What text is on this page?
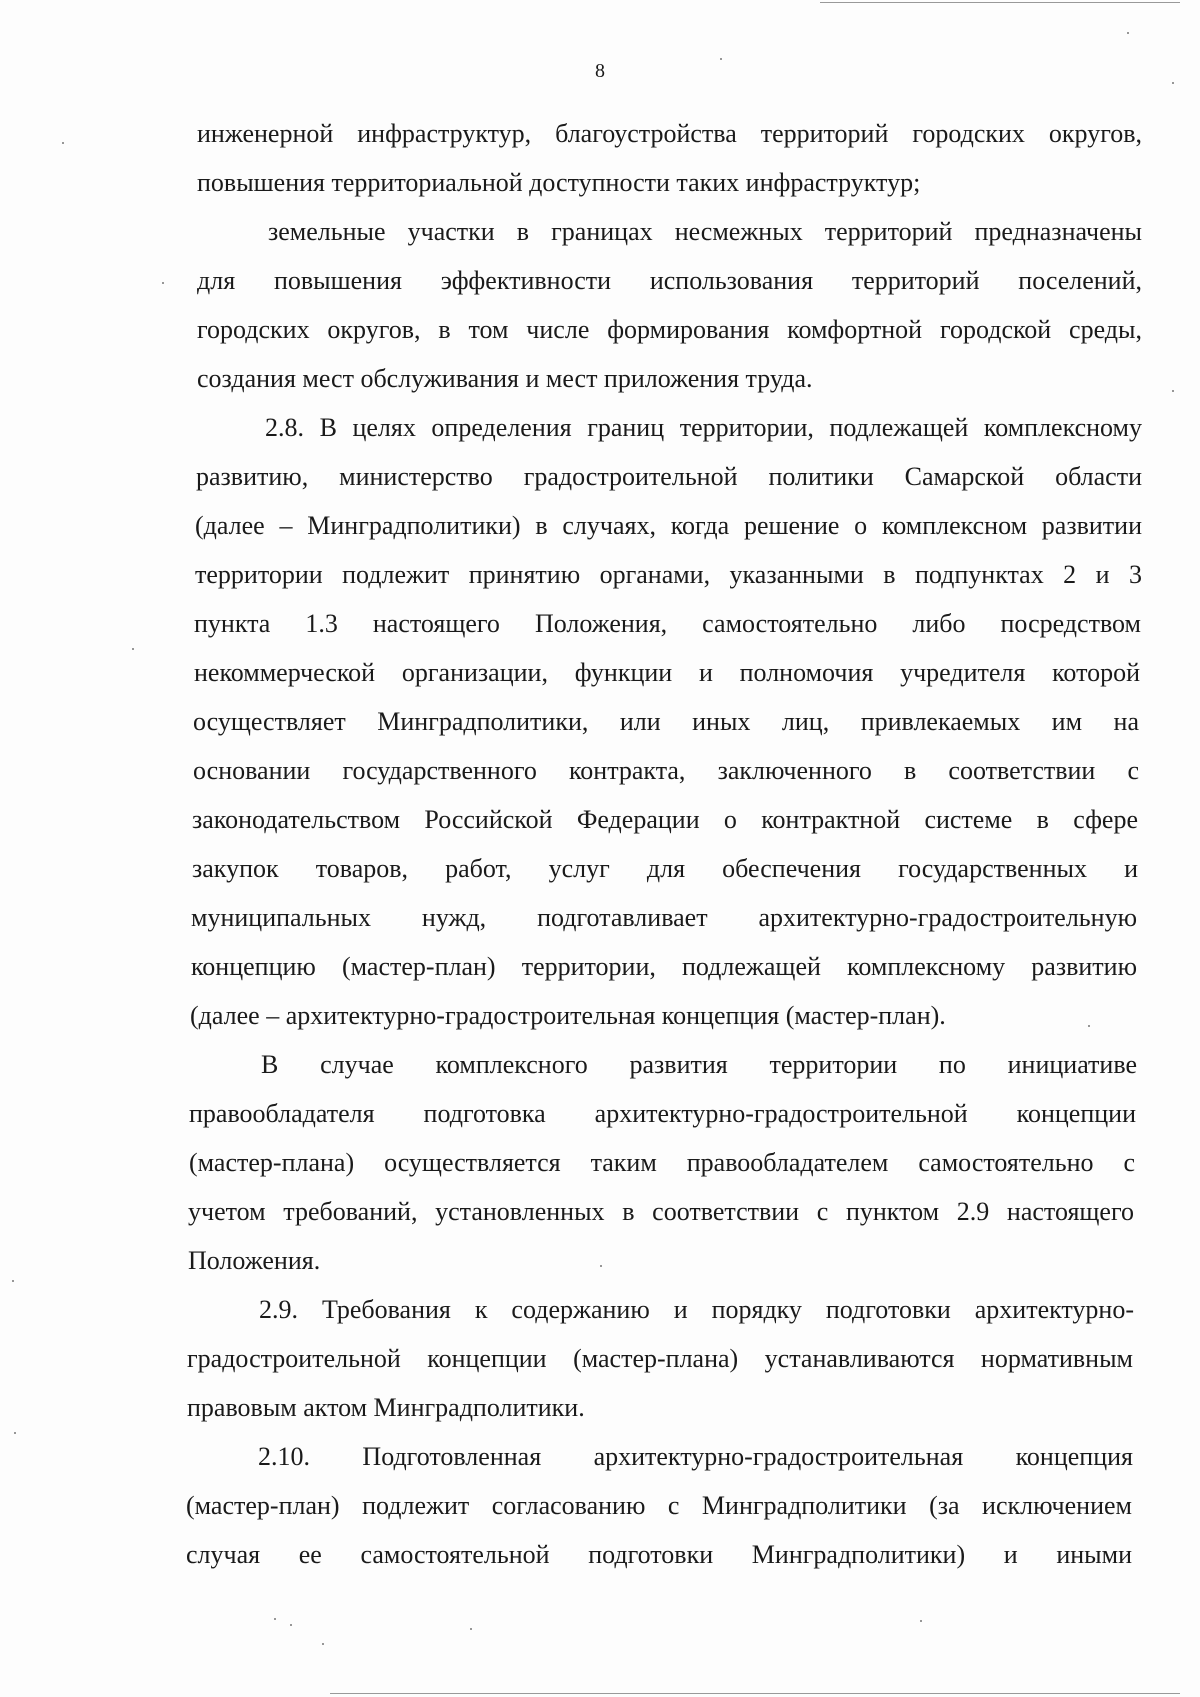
8
инженерной инфраструктур, благоустройства территорий городских округов,
повышения территориальной доступности таких инфраструктур;
земельные участки в границах несмежных территорий предназначены
для повышения эффективности использования территорий поселений,
городских округов, в том числе формирования комфортной городской среды,
создания мест обслуживания и мест приложения труда.
2.8. В целях определения границ территории, подлежащей комплексному
развитию, министерство градостроительной политики Самарской области
(далее – Минградполитики) в случаях, когда решение о комплексном развитии
территории подлежит принятию органами, указанными в подпунктах 2 и 3
пункта 1.3 настоящего Положения, самостоятельно либо посредством
некоммерческой организации, функции и полномочия учредителя которой
осуществляет Минградполитики, или иных лиц, привлекаемых им на
основании государственного контракта, заключенного в соответствии с
законодательством Российской Федерации о контрактной системе в сфере
закупок товаров, работ, услуг для обеспечения государственных и
муниципальных нужд, подготавливает архитектурно-градостроительную
концепцию (мастер-план) территории, подлежащей комплексному развитию
(далее – архитектурно-градостроительная концепция (мастер-план).
В случае комплексного развития территории по инициативе
правообладателя подготовка архитектурно-градостроительной концепции
(мастер-плана) осуществляется таким правообладателем самостоятельно с
учетом требований, установленных в соответствии с пунктом 2.9 настоящего
Положения.
2.9. Требования к содержанию и порядку подготовки архитектурно-
градостроительной концепции (мастер-плана) устанавливаются нормативным
правовым актом Минградполитики.
2.10. Подготовленная архитектурно-градостроительная концепция
(мастер-план) подлежит согласованию с Минградполитики (за исключением
случая ее самостоятельной подготовки Минградполитики) и иными
